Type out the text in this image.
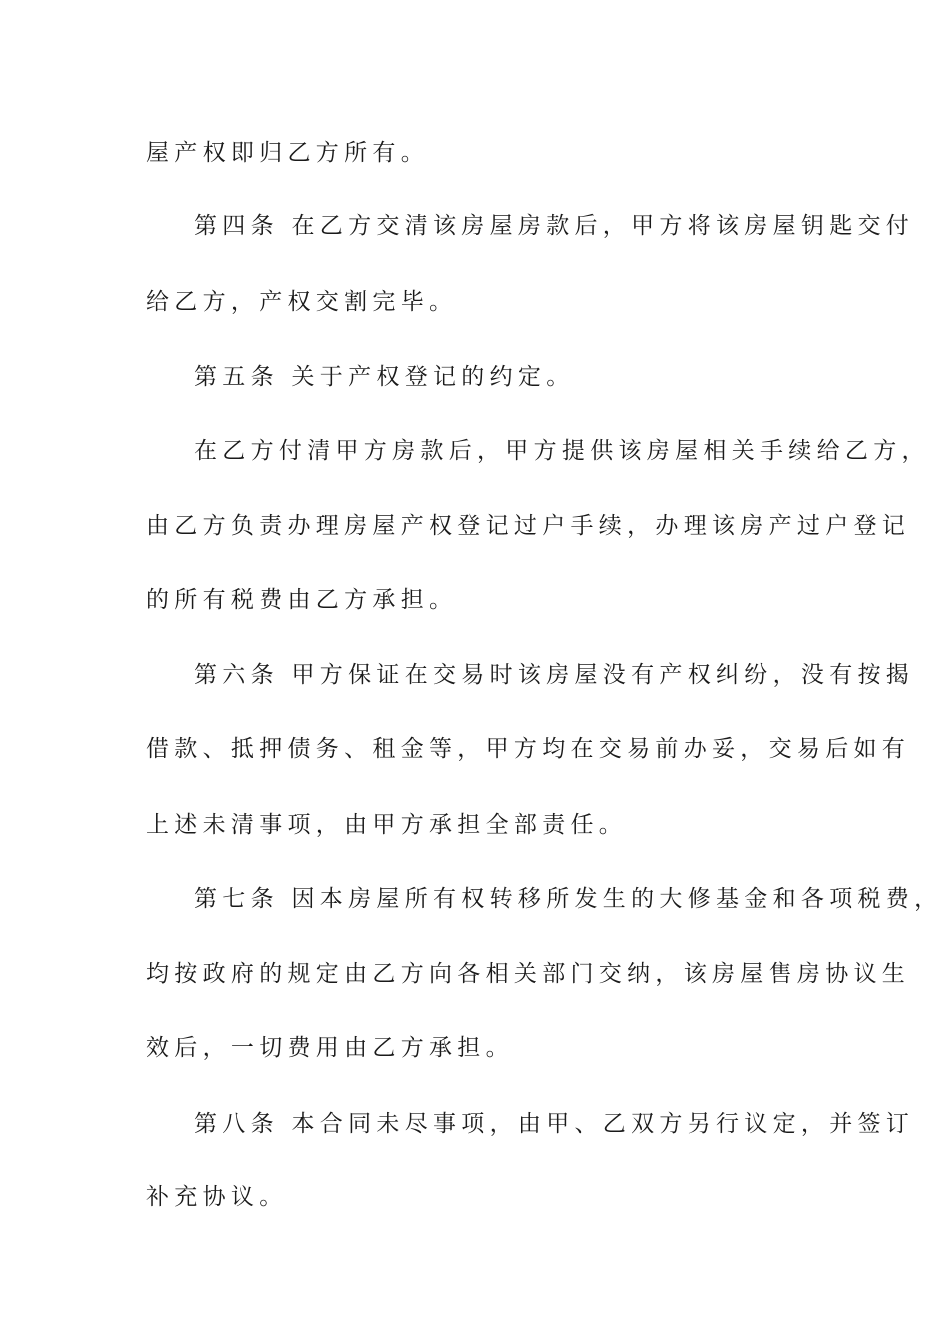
屋产权即归乙方所有。
第四条 在乙方交清该房屋房款后，甲方将该房屋钥匙交付
给乙方，产权交割完毕。
第五条 关于产权登记的约定。
在乙方付清甲方房款后，甲方提供该房屋相关手续给乙方，
由乙方负责办理房屋产权登记过户手续，办理该房产过户登记
的所有税费由乙方承担。
第六条 甲方保证在交易时该房屋没有产权纠纷，没有按揭
借款、抵押债务、租金等，甲方均在交易前办妥，交易后如有
上述未清事项，由甲方承担全部责任。
第七条 因本房屋所有权转移所发生的大修基金和各项税费，
均按政府的规定由乙方向各相关部门交纳，该房屋售房协议生
效后，一切费用由乙方承担。
第八条 本合同未尽事项，由甲、乙双方另行议定，并签订
补充协议。
